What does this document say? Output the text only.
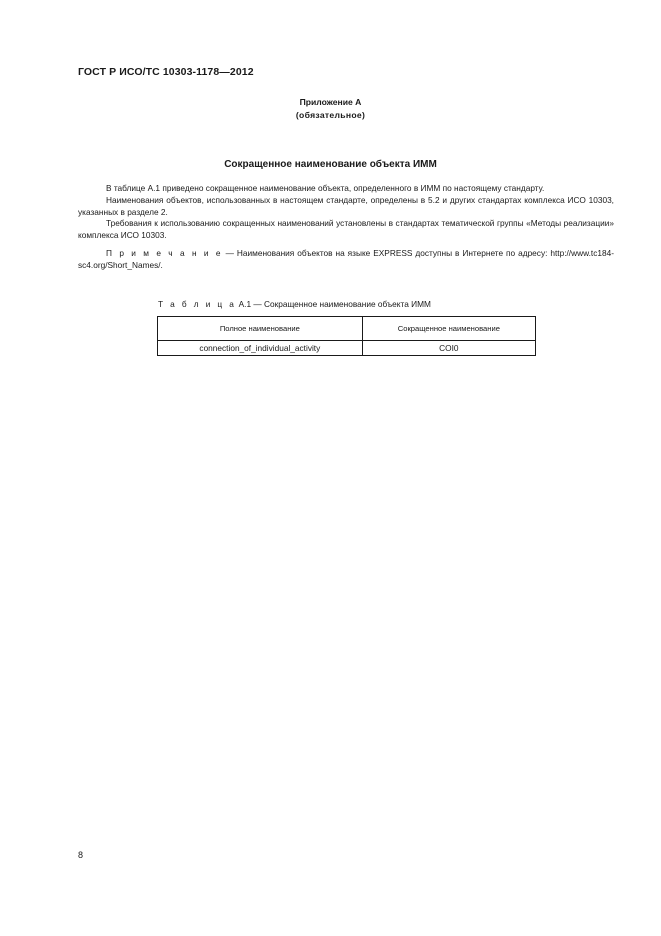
ГОСТ Р ИСО/ТС 10303-1178—2012
Приложение А
(обязательное)
Сокращенное наименование объекта ИММ

В таблице А.1 приведено сокращенное наименование объекта, определенного в ИММ по настоящему стандарту.

Наименования объектов, использованных в настоящем стандарте, определены в 5.2 и других стандартах комплекса ИСО 10303, указанных в разделе 2.

Требования к использованию сокращенных наименований установлены в стандартах тематической группы «Методы реализации» комплекса ИСО 10303.

П р и м е ч а н и е — Наименования объектов на языке EXPRESS доступны в Интернете по адресу: http://www.tc184-sc4.org/Short_Names/.

Т а б л и ц а А.1 — Сокращенное наименование объекта ИММ
Полное наименование	Сокращенное наименование
connection_of_individual_activity	COI0
8
